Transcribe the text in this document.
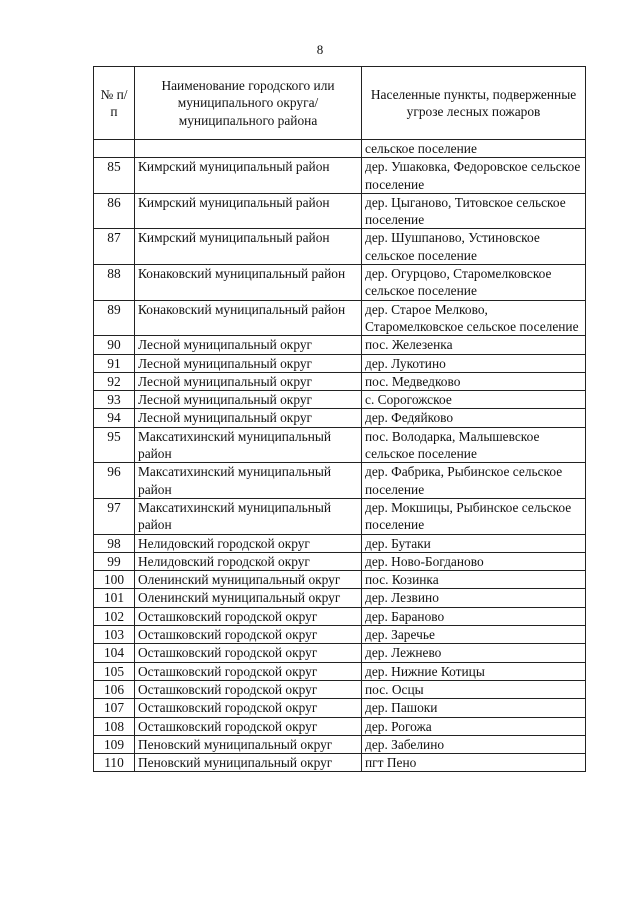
8
№ п/п	Наименование городского или муниципального округа/муниципального района	Населенные пункты, подверженные угрозе лесных пожаров
		сельское поселение
85	Кимрский муниципальный район	дер. Ушаковка, Федоровское сельское поселение
86	Кимрский муниципальный район	дер. Цыганово, Титовское сельское поселение
87	Кимрский муниципальный район	дер. Шушпаново, Устиновское сельское поселение
88	Конаковский муниципальный район	дер. Огурцово, Старомелковское сельское поселение
89	Конаковский муниципальный район	дер. Старое Мелково, Старомелковское сельское поселение
90	Лесной муниципальный округ	пос. Железенка
91	Лесной муниципальный округ	дер. Лукотино
92	Лесной муниципальный округ	пос. Медведково
93	Лесной муниципальный округ	с. Сорогожское
94	Лесной муниципальный округ	дер. Федяйково
95	Максатихинский муниципальный район	пос. Володарка, Малышевское сельское поселение
96	Максатихинский муниципальный район	дер. Фабрика, Рыбинское сельское поселение
97	Максатихинский муниципальный район	дер. Мокшицы, Рыбинское сельское поселение
98	Нелидовский городской округ	дер. Бутаки
99	Нелидовский городской округ	дер. Ново-Богданово
100	Оленинский муниципальный округ	пос. Козинка
101	Оленинский муниципальный округ	дер. Лезвино
102	Осташковский городской округ	дер. Бараново
103	Осташковский городской округ	дер. Заречье
104	Осташковский городской округ	дер. Лежнево
105	Осташковский городской округ	дер. Нижние Котицы
106	Осташковский городской округ	пос. Осцы
107	Осташковский городской округ	дер. Пашоки
108	Осташковский городской округ	дер. Рогожа
109	Пеновский муниципальный округ	дер. Забелино
110	Пеновский муниципальный округ	пгт Пено
